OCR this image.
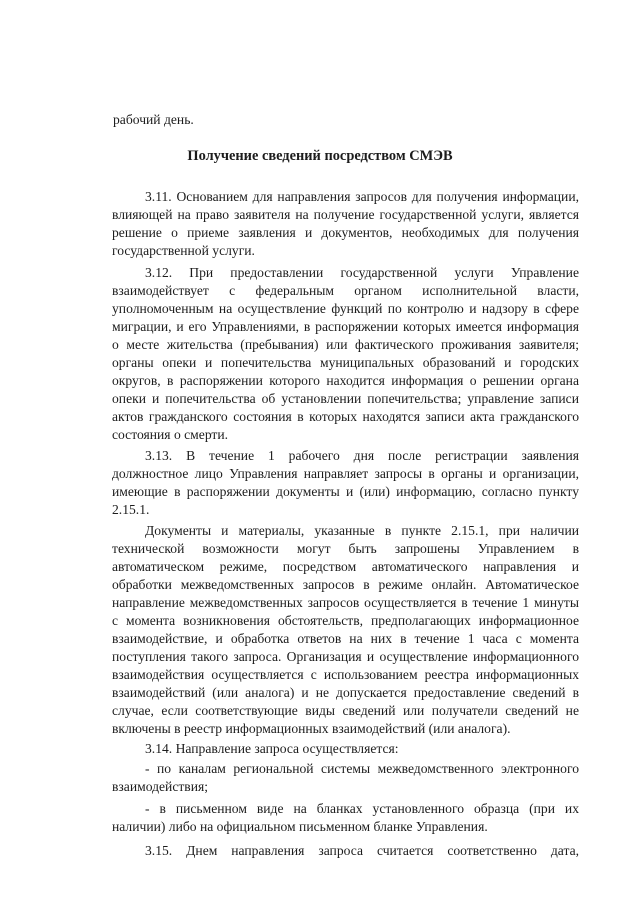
рабочий день.
Получение сведений посредством СМЭВ
3.11. Основанием для направления запросов для получения информации,
влияющей на право заявителя на получение государственной услуги, является
решение о приеме заявления и документов, необходимых для получения
государственной услуги.
3.12. При предоставлении государственной услуги Управление
взаимодействует с федеральным органом исполнительной власти,
уполномоченным на осуществление функций по контролю и надзору в сфере
миграции, и его Управлениями, в распоряжении которых имеется информация
о месте жительства (пребывания) или фактического проживания заявителя;
органы опеки и попечительства муниципальных образований и городских
округов, в распоряжении которого находится информация о решении органа
опеки и попечительства об установлении попечительства; управление записи
актов гражданского состояния в которых находятся записи акта гражданского
состояния о смерти.
3.13. В течение 1 рабочего дня после регистрации заявления
должностное лицо Управления направляет запросы в органы и организации,
имеющие в распоряжении документы и (или) информацию, согласно пункту
2.15.1.
Документы и материалы, указанные в пункте 2.15.1, при наличии
технической возможности могут быть запрошены Управлением в
автоматическом режиме, посредством автоматического направления и
обработки межведомственных запросов в режиме онлайн. Автоматическое
направление межведомственных запросов осуществляется в течение 1 минуты
с момента возникновения обстоятельств, предполагающих информационное
взаимодействие, и обработка ответов на них в течение 1 часа с момента
поступления такого запроса. Организация и осуществление информационного
взаимодействия осуществляется с использованием реестра информационных
взаимодействий (или аналога) и не допускается предоставление сведений в
случае, если соответствующие виды сведений или получатели сведений не
включены в реестр информационных взаимодействий (или аналога).
3.14. Направление запроса осуществляется:
- по каналам региональной системы межведомственного электронного
взаимодействия;
- в письменном виде на бланках установленного образца (при их
наличии) либо на официальном письменном бланке Управления.
3.15. Днем направления запроса считается соответственно дата,
